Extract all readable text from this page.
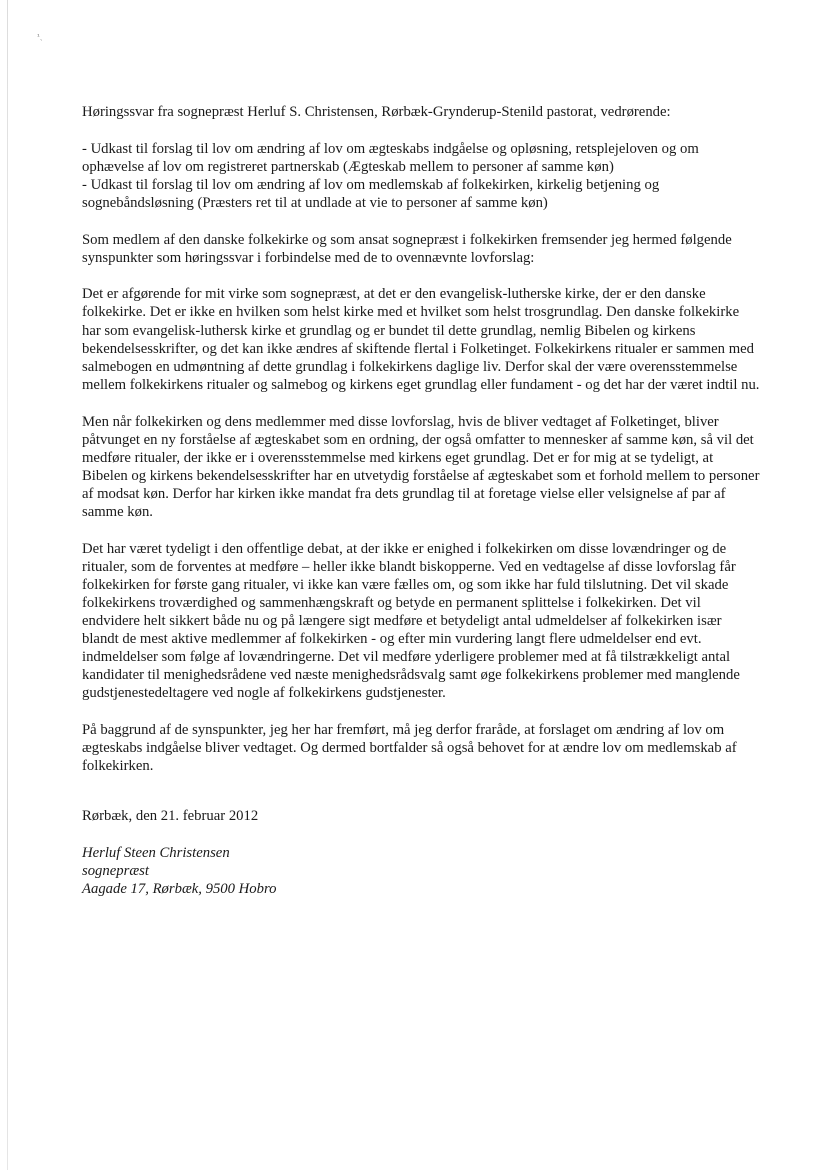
¹ˎ

Høringssvar fra sognepræst Herluf S. Christensen, Rørbæk-Grynderup-Stenild pastorat, vedrørende:

- Udkast til forslag til lov om ændring af lov om ægteskabs indgåelse og opløsning, retsplejeloven og om ophævelse af lov om registreret partnerskab (Ægteskab mellem to personer af samme køn)

- Udkast til forslag til lov om ændring af lov om medlemskab af folkekirken, kirkelig betjening og sognebåndsløsning (Præsters ret til at undlade at vie to personer af samme køn)

Som medlem af den danske folkekirke og som ansat sognepræst i folkekirken fremsender jeg hermed følgende synspunkter som høringssvar i forbindelse med de to ovennævnte lovforslag:

Det er afgørende for mit virke som sognepræst, at det er den evangelisk-lutherske kirke, der er den danske folkekirke. Det er ikke en hvilken som helst kirke med et hvilket som helst trosgrundlag. Den danske folkekirke har som evangelisk-luthersk kirke et grundlag og er bundet til dette grundlag, nemlig Bibelen og kirkens bekendelsesskrifter, og det kan ikke ændres af skiftende flertal i Folketinget. Folkekirkens ritualer er sammen med salmebogen en udmøntning af dette grundlag i folkekirkens daglige liv. Derfor skal der være overensstemmelse mellem folkekirkens ritualer og salmebog og kirkens eget grundlag eller fundament - og det har der været indtil nu.

Men når folkekirken og dens medlemmer med disse lovforslag, hvis de bliver vedtaget af Folketinget, bliver påtvunget en ny forståelse af ægteskabet som en ordning, der også omfatter to mennesker af samme køn, så vil det medføre ritualer, der ikke er i overensstemmelse med kirkens eget grundlag. Det er for mig at se tydeligt, at Bibelen og kirkens bekendelsesskrifter har en utvetydig forståelse af ægteskabet som et forhold mellem to personer af modsat køn. Derfor har kirken ikke mandat fra dets grundlag til at foretage vielse eller velsignelse af par af samme køn.

Det har været tydeligt i den offentlige debat, at der ikke er enighed i folkekirken om disse lovændringer og de ritualer, som de forventes at medføre – heller ikke blandt biskopperne. Ved en vedtagelse af disse lovforslag får folkekirken for første gang ritualer, vi ikke kan være fælles om, og som ikke har fuld tilslutning. Det vil skade folkekirkens troværdighed og sammenhængskraft og betyde en permanent splittelse i folkekirken. Det vil endvidere helt sikkert både nu og på længere sigt medføre et betydeligt antal udmeldelser af folkekirken især blandt de mest aktive medlemmer af folkekirken - og efter min vurdering langt flere udmeldelser end evt. indmeldelser som følge af lovændringerne. Det vil medføre yderligere problemer med at få tilstrækkeligt antal kandidater til menighedsrådene ved næste menighedsrådsvalg samt øge folkekirkens problemer med manglende gudstjenestedeltagere ved nogle af folkekirkens gudstjenester.

På baggrund af de synspunkter, jeg her har fremført, må jeg derfor fraråde, at forslaget om ændring af lov om ægteskabs indgåelse bliver vedtaget. Og dermed bortfalder så også behovet for at ændre lov om medlemskab af folkekirken.

Rørbæk, den 21. februar 2012

Herluf Steen Christensen

sognepræst

Aagade 17, Rørbæk, 9500 Hobro
